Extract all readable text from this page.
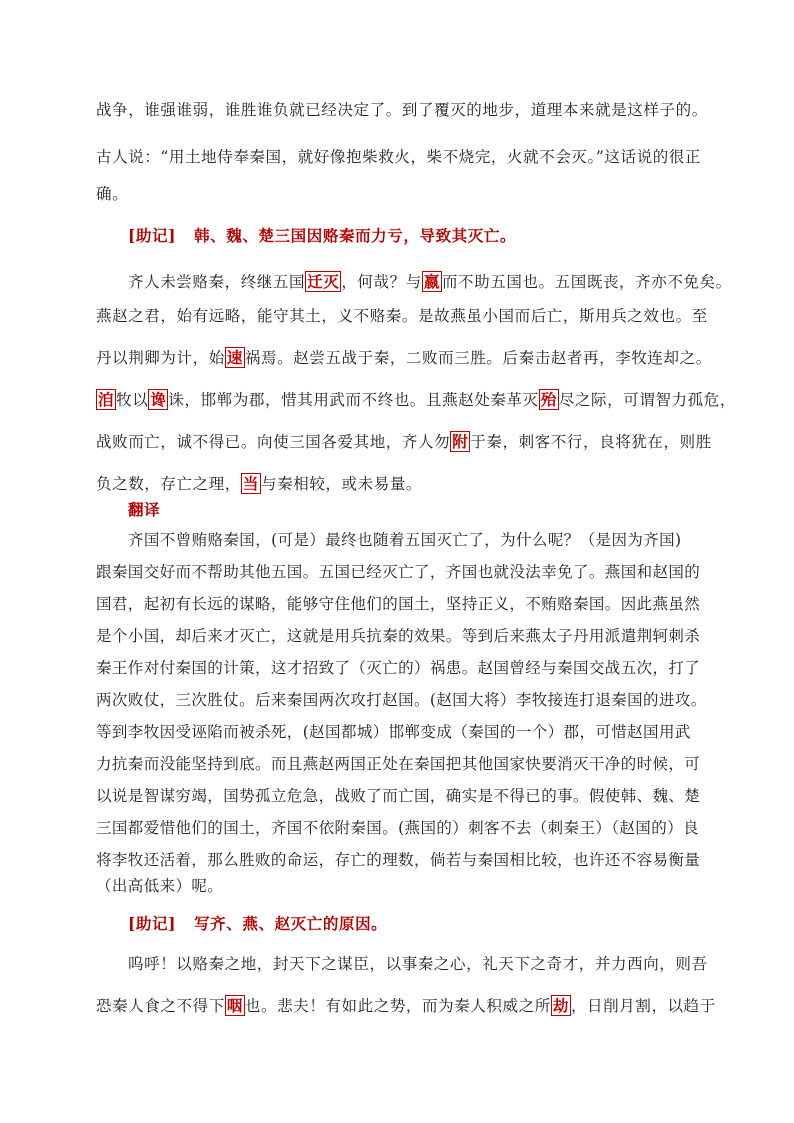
战争，谁强谁弱，谁胜谁负就已经决定了。到了覆灭的地步，道理本来就是这样子的。
古人说：“用土地侍奉秦国，就好像抱柴救火，柴不烧完，火就不会灭。”这话说的很正
确。
[助记] 韩、魏、楚三国因赂秦而力亏，导致其灭亡。
齐人未尝赂秦，终继五国 迁灭 ，何哉？与 嬴 而不助五国也。五国既丧，齐亦不免矣。
燕赵之君，始有远略，能守其土，义不赂秦。是故燕虽小国而后亡，斯用兵之效也。至
丹以荆卿为计，始 速 祸焉。赵尝五战于秦，二败而三胜。后秦击赵者再，李牧连却之。
洎 牧以 谗 诛，邯郸为郡，惜其用武而不终也。且燕赵处秦革灭 殆 尽之际，可谓智力孤危，
战败而亡，诚不得已。向使三国各爱其地，齐人勿 附 于秦，刺客不行，良将犹在，则胜
负之数，存亡之理， 当 与秦相较，或未易量。
翻译
齐国不曾贿赂秦国，(可是）最终也随着五国灭亡了，为什么呢？（是因为齐国)
跟秦国交好而不帮助其他五国。五国已经灭亡了，齐国也就没法幸免了。燕国和赵国的
国君，起初有长远的谋略，能够守住他们的国土，坚持正义，不贿赂秦国。因此燕虽然
是个小国，却后来才灭亡，这就是用兵抗秦的效果。等到后来燕太子丹用派遣荆轲刺杀
秦王作对付秦国的计策，这才招致了（灭亡的）祸患。赵国曾经与秦国交战五次，打了
两次败仗，三次胜仗。后来秦国两次攻打赵国。(赵国大将）李牧接连打退秦国的进攻。
等到李牧因受诬陷而被杀死，(赵国都城）邯郸变成（秦国的一个）郡，可惜赵国用武
力抗秦而没能坚持到底。而且燕赵两国正处在秦国把其他国家快要消灭干净的时候，可
以说是智谋穷竭，国势孤立危急，战败了而亡国，确实是不得已的事。假使韩、魏、楚
三国都爱惜他们的国土，齐国不依附秦国。(燕国的）刺客不去（刺秦王）（赵国的）良
将李牧还活着，那么胜败的命运，存亡的理数，倘若与秦国相比较，也许还不容易衡量
（出高低来）呢。
[助记] 写齐、燕、赵灭亡的原因。
呜呼！以赂秦之地，封天下之谋臣，以事秦之心，礼天下之奇才，并力西向，则吾
恐秦人食之不得下 咽 也。悲夫！有如此之势，而为秦人积威之所 劫 ，日削月割，以趋于
